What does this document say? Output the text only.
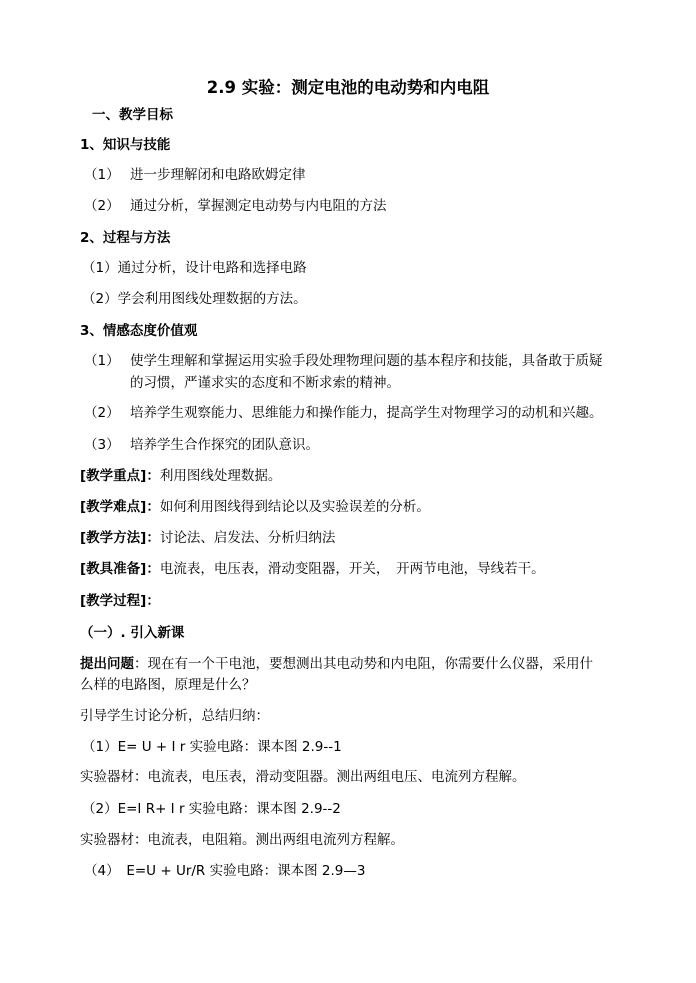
2.9 实验：测定电池的电动势和内电阻
一、教学目标
1、知识与技能
（1） 进一步理解闭和电路欧姆定律
（2） 通过分析，掌握测定电动势与内电阻的方法
2、过程与方法
（1）通过分析，设计电路和选择电路
（2）学会利用图线处理数据的方法。
3、情感态度价值观
（1） 使学生理解和掌握运用实验手段处理物理问题的基本程序和技能，具备敢于质疑
的习惯，严谨求实的态度和不断求索的精神。
（2） 培养学生观察能力、思维能力和操作能力，提高学生对物理学习的动机和兴趣。
（3） 培养学生合作探究的团队意识。
[教学重点]：利用图线处理数据。
[教学难点]：如何利用图线得到结论以及实验误差的分析。
[教学方法]：讨论法、启发法、分析归纳法
[教具准备]：电流表，电压表，滑动变阻器，开关，　开两节电池，导线若干。
[教学过程]：
（一）. 引入新课
提出问题：现在有一个干电池，要想测出其电动势和内电阻，你需要什么仪器，采用什
么样的电路图，原理是什么？
引导学生讨论分析，总结归纳：
（1）E= U + I r 实验电路：课本图 2.9--1
实验器材：电流表，电压表，滑动变阻器。测出两组电压、电流列方程解。
（2）E=I R+ I r 实验电路：课本图 2.9--2
实验器材：电流表，电阻箱。测出两组电流列方程解。
（4）　E=U + Ur/R 实验电路：课本图 2.9—3
